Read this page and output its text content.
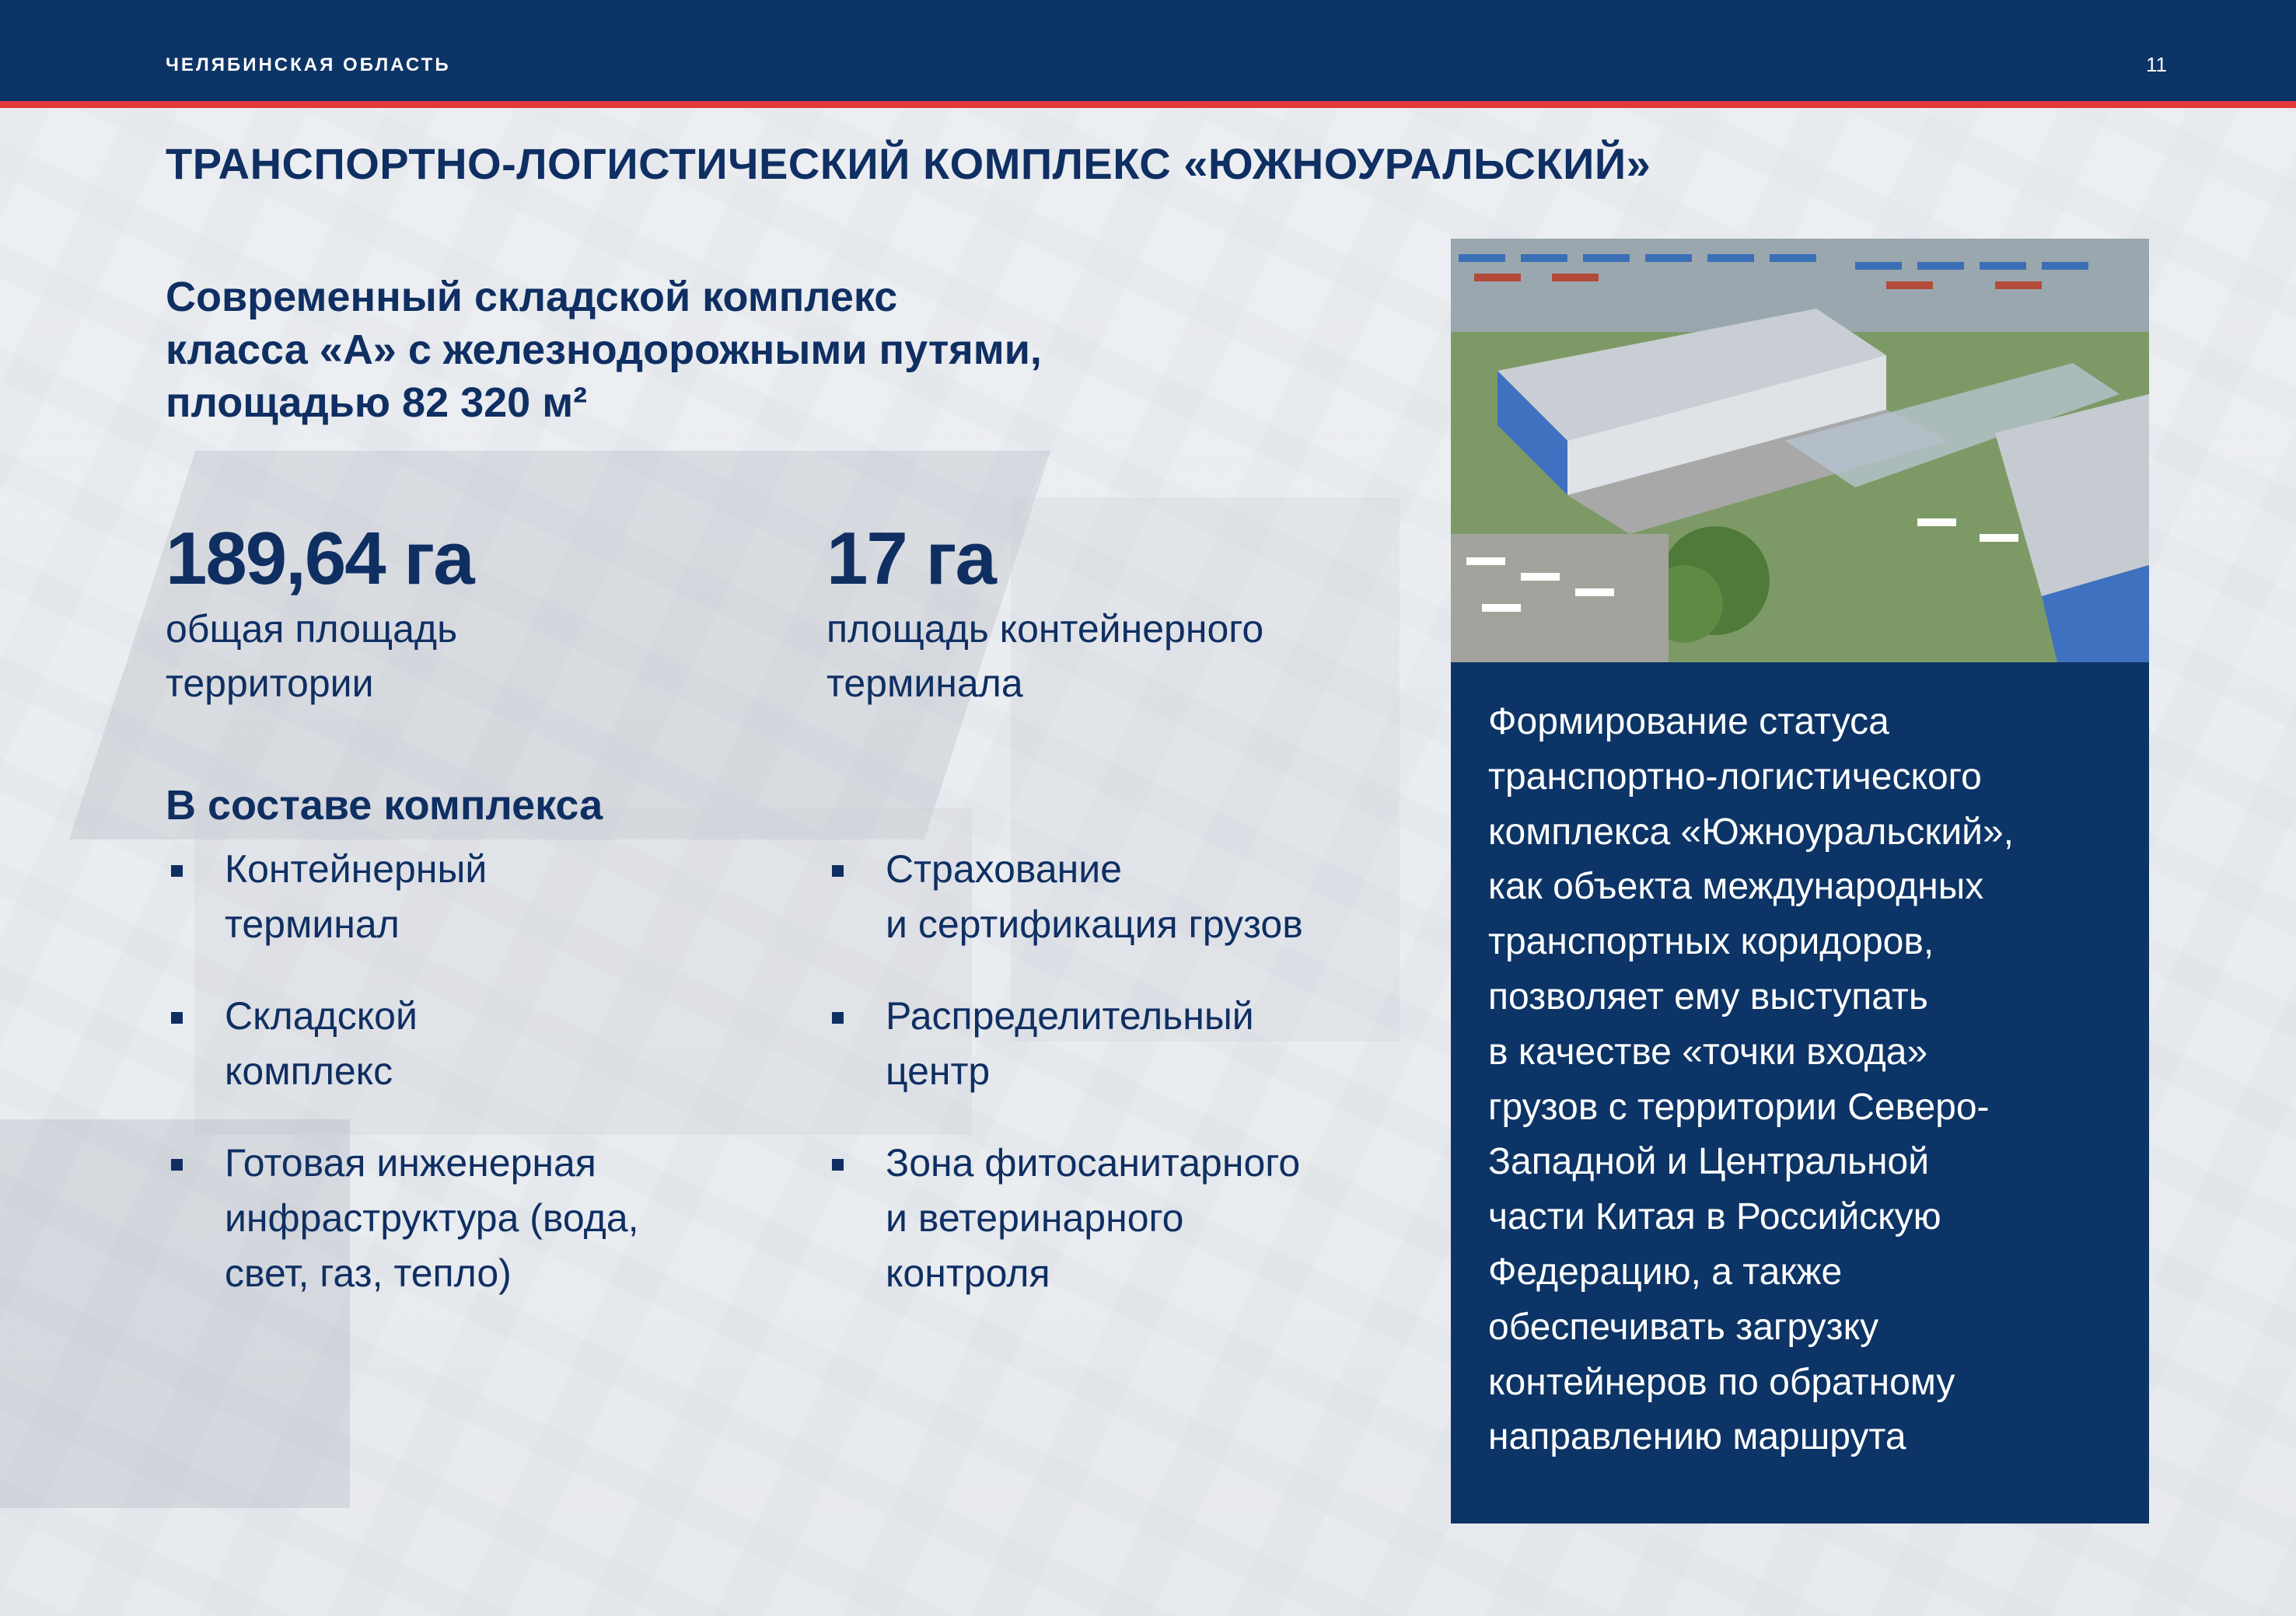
ЧЕЛЯБИНСКАЯ ОБЛАСТЬ	11
ТРАНСПОРТНО-ЛОГИСТИЧЕСКИЙ КОМПЛЕКС «ЮЖНОУРАЛЬСКИЙ»
Современный складской комплекс
класса «А» с железнодорожными путями,
площадью 82 320 м²
189,64 га
общая площадь
территории
17 га
площадь контейнерного
терминала
В составе комплекса
Контейнерный
терминал
Складской
комплекс
Готовая инженерная
инфраструктура (вода,
свет, газ, тепло)
Страхование
и сертификация грузов
Распределительный
центр
Зона фитосанитарного
и ветеринарного
контроля
Формирование статуса
транспортно-логистического
комплекса «Южноуральский»,
как объекта международных
транспортных коридоров,
позволяет ему выступать
в качестве «точки входа»
грузов с территории Северо-
Западной и Центральной
части Китая в Российскую
Федерацию, а также
обеспечивать загрузку
контейнеров по обратному
направлению маршрута
